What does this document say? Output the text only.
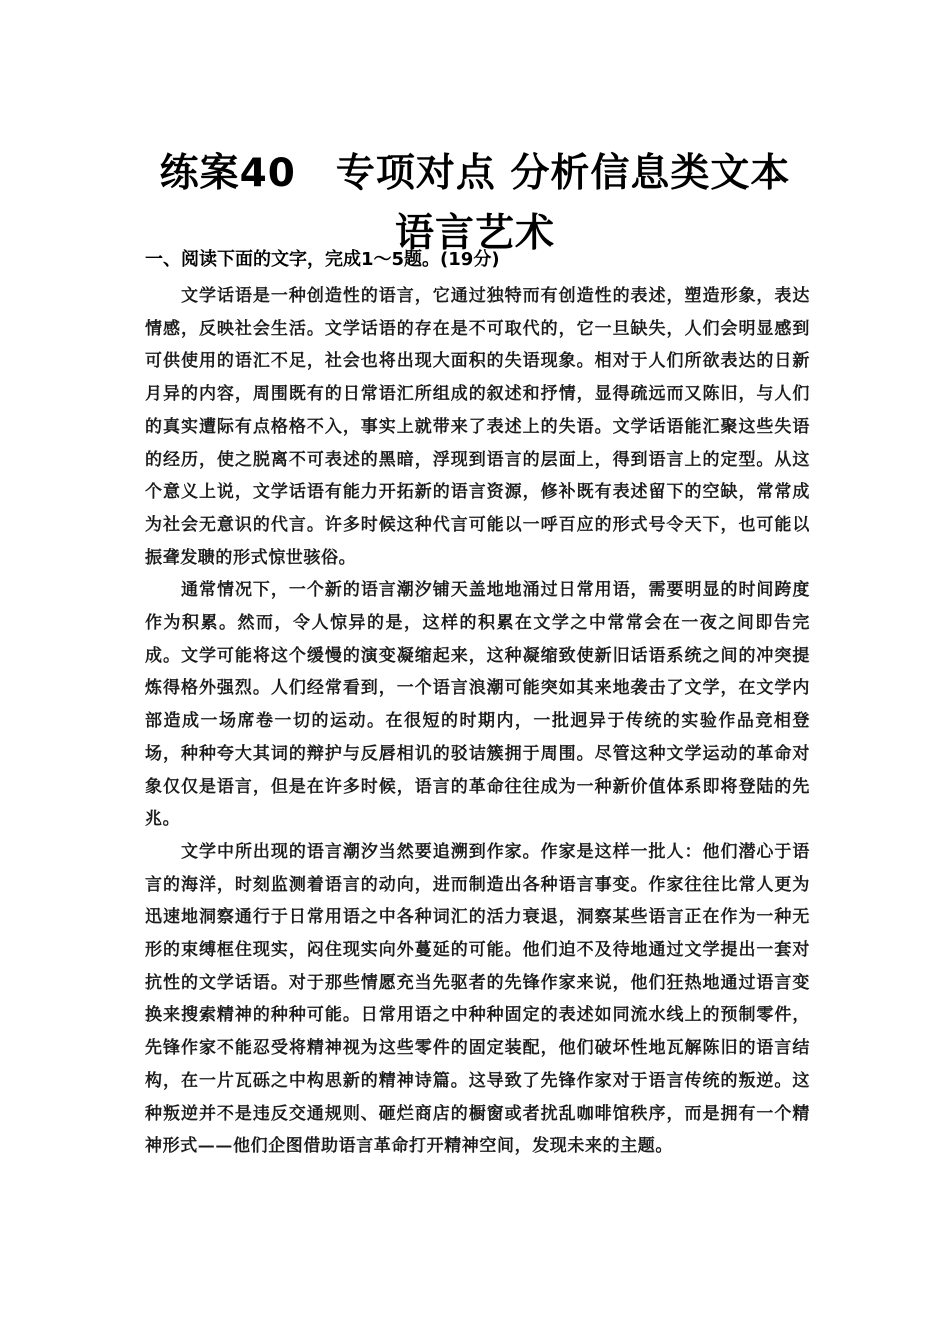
练案40　专项对点 分析信息类文本语言艺术
一、阅读下面的文字，完成1～5题。(19分)

文学话语是一种创造性的语言，它通过独特而有创造性的表述，塑造形象，表达情感，反映社会生活。文学话语的存在是不可取代的，它一旦缺失，人们会明显感到可供使用的语汇不足，社会也将出现大面积的失语现象。相对于人们所欲表达的日新月异的内容，周围既有的日常语汇所组成的叙述和抒情，显得疏远而又陈旧，与人们的真实遭际有点格格不入，事实上就带来了表述上的失语。文学话语能汇聚这些失语的经历，使之脱离不可表述的黑暗，浮现到语言的层面上，得到语言上的定型。从这个意义上说，文学话语有能力开拓新的语言资源，修补既有表述留下的空缺，常常成为社会无意识的代言。许多时候这种代言可能以一呼百应的形式号令天下，也可能以振聋发聩的形式惊世骇俗。

通常情况下，一个新的语言潮汐铺天盖地地涌过日常用语，需要明显的时间跨度作为积累。然而，令人惊异的是，这样的积累在文学之中常常会在一夜之间即告完成。文学可能将这个缓慢的演变凝缩起来，这种凝缩致使新旧话语系统之间的冲突提炼得格外强烈。人们经常看到，一个语言浪潮可能突如其来地袭击了文学，在文学内部造成一场席卷一切的运动。在很短的时期内，一批迥异于传统的实验作品竞相登场，种种夸大其词的辩护与反唇相讥的驳诘簇拥于周围。尽管这种文学运动的革命对象仅仅是语言，但是在许多时候，语言的革命往往成为一种新价值体系即将登陆的先兆。

文学中所出现的语言潮汐当然要追溯到作家。作家是这样一批人：他们潜心于语言的海洋，时刻监测着语言的动向，进而制造出各种语言事变。作家往往比常人更为迅速地洞察通行于日常用语之中各种词汇的活力衰退，洞察某些语言正在作为一种无形的束缚框住现实，闷住现实向外蔓延的可能。他们迫不及待地通过文学提出一套对抗性的文学话语。对于那些情愿充当先驱者的先锋作家来说，他们狂热地通过语言变换来搜索精神的种种可能。日常用语之中种种固定的表述如同流水线上的预制零件，先锋作家不能忍受将精神视为这些零件的固定装配，他们破坏性地瓦解陈旧的语言结构，在一片瓦砾之中构思新的精神诗篇。这导致了先锋作家对于语言传统的叛逆。这种叛逆并不是违反交通规则、砸烂商店的橱窗或者扰乱咖啡馆秩序，而是拥有一个精神形式——他们企图借助语言革命打开精神空间，发现未来的主题。
